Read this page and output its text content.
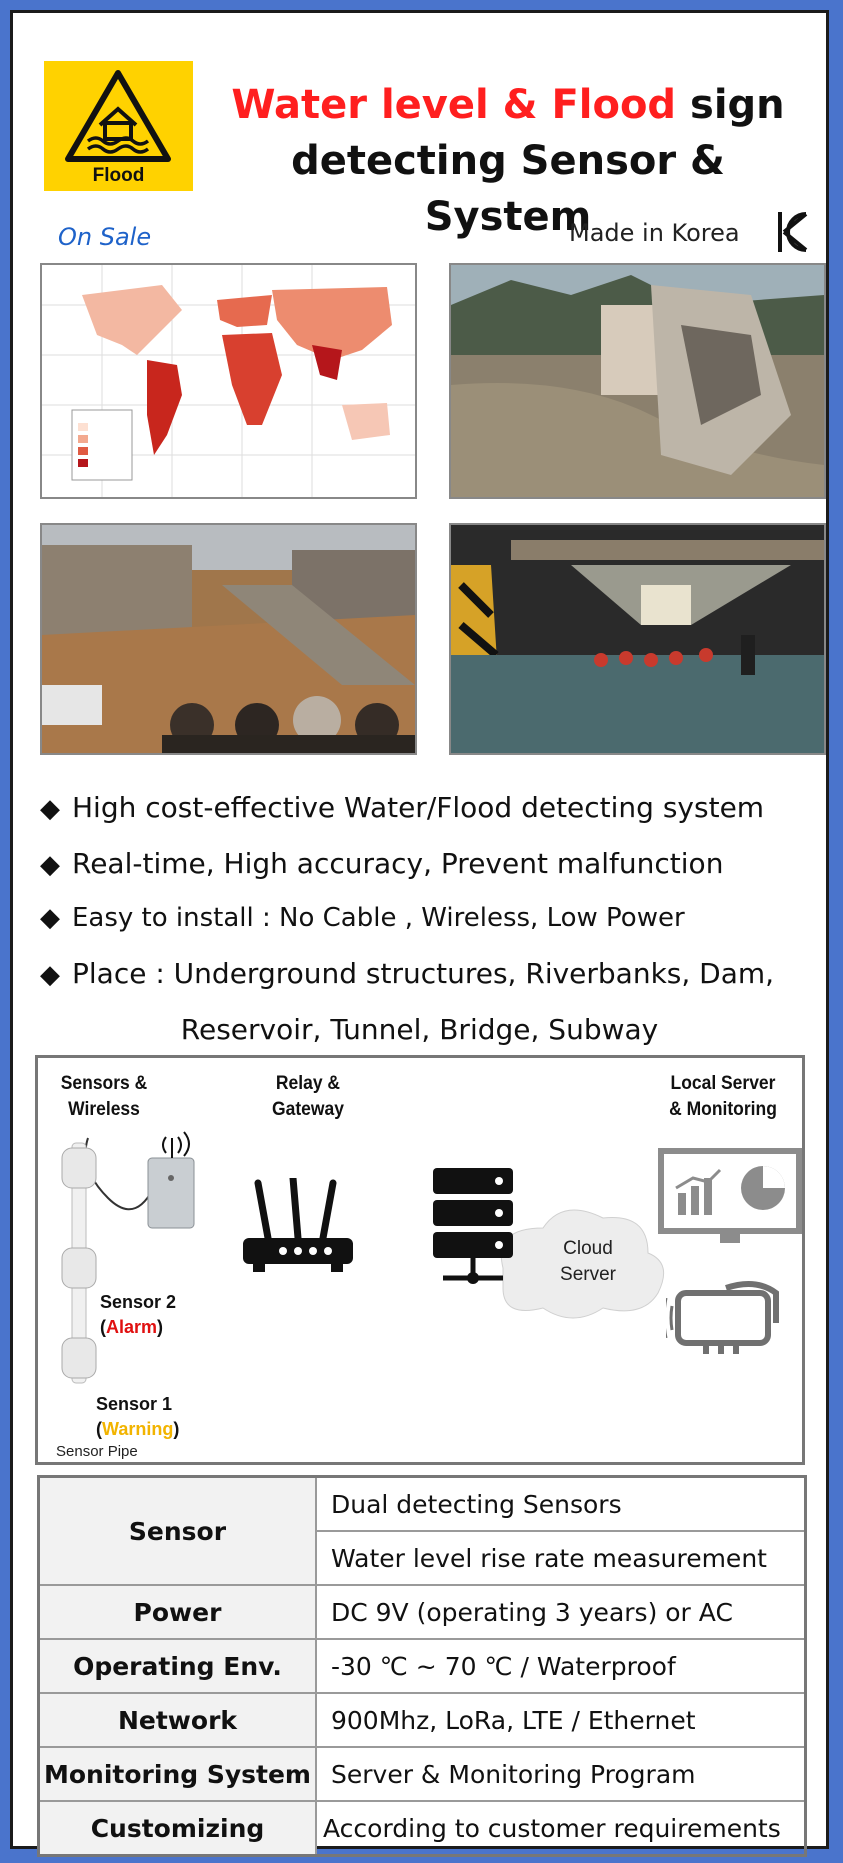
Flood
Water level & Flood sign
detecting Sensor & System
On Sale	Made in Korea
◆ High cost-effective Water/Flood detecting system
◆ Real-time, High accuracy, Prevent malfunction
◆ Easy to install : No Cable , Wireless, Low Power
◆ Place : Underground structures, Riverbanks, Dam,
Reservoir, Tunnel, Bridge, Subway
Sensors &
Wireless
Relay &
Gateway
Local Server
& Monitoring
Sensor 2
(Alarm)
Sensor 1
(Warning)
Sensor Pipe
Cloud
Server
Sensor	Dual detecting Sensors
	Water level rise rate measurement
Power	DC 9V (operating 3 years) or AC
Operating Env.	-30 ℃ ~ 70 ℃ / Waterproof
Network	900Mhz, LoRa, LTE / Ethernet
Monitoring System	Server & Monitoring Program
Customizing	According to customer requirements
